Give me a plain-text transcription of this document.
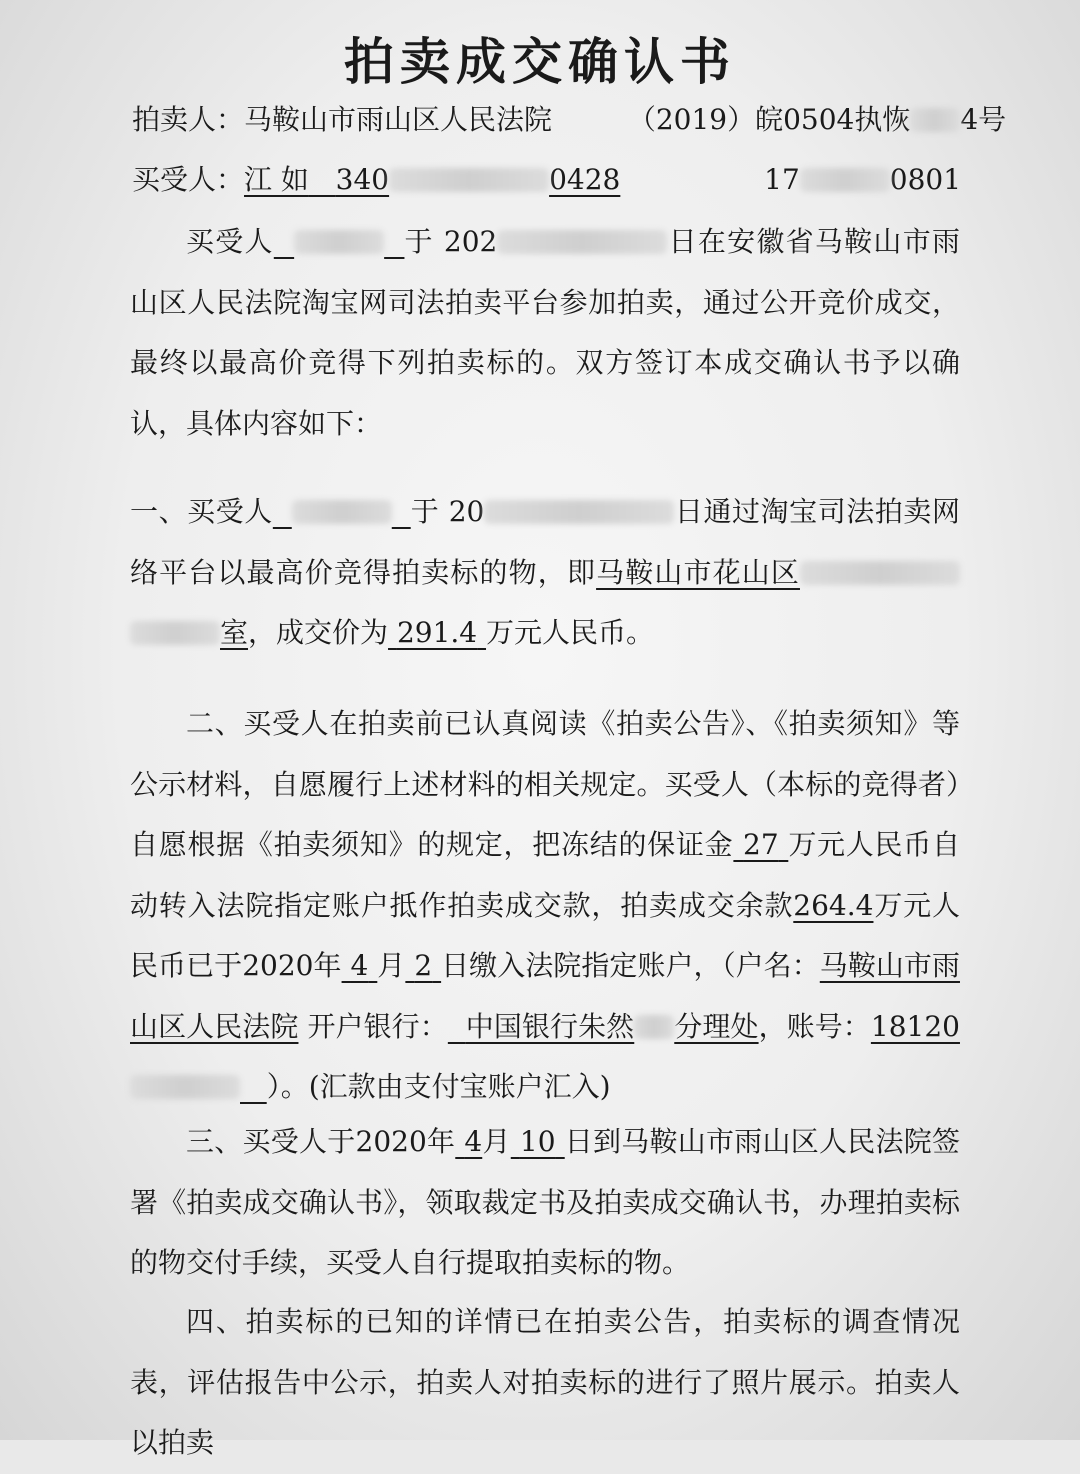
拍卖成交确认书
拍卖人：马鞍山市雨山区人民法院	（2019）皖0504执恢 4号
买受人：江 如 340	0428	17	0801
买受人	于 202	日在安徽省马鞍山市雨山区人民法院淘宝网司法拍卖平台参加拍卖，通过公开竞价成交，最终以最高价竞得下列拍卖标的。双方签订本成交确认书予以确认，具体内容如下：
一、买受人	于 20	日通过淘宝司法拍卖网络平台以最高价竞得拍卖标的物，即马鞍山市花山区室，成交价为 291.4 万元人民币。
二、买受人在拍卖前已认真阅读《拍卖公告》、《拍卖须知》等公示材料，自愿履行上述材料的相关规定。买受人（本标的竞得者）自愿根据《拍卖须知》的规定，把冻结的保证金 27 万元人民币自动转入法院指定账户抵作拍卖成交款，拍卖成交余款264.4万元人民币已于2020年 4 月 2 日缴入法院指定账户，（户名：马鞍山市雨山区人民法院 开户银行： 中国银行朱然 分理处，账号：18120   ）。(汇款由支付宝账户汇入)
三、买受人于2020年 4月 10 日到马鞍山市雨山区人民法院签署《拍卖成交确认书》，领取裁定书及拍卖成交确认书，办理拍卖标的物交付手续，买受人自行提取拍卖标的物。
四、拍卖标的已知的详情已在拍卖公告，拍卖标的调查情况表，评估报告中公示，拍卖人对拍卖标的进行了照片展示。拍卖人以拍卖
